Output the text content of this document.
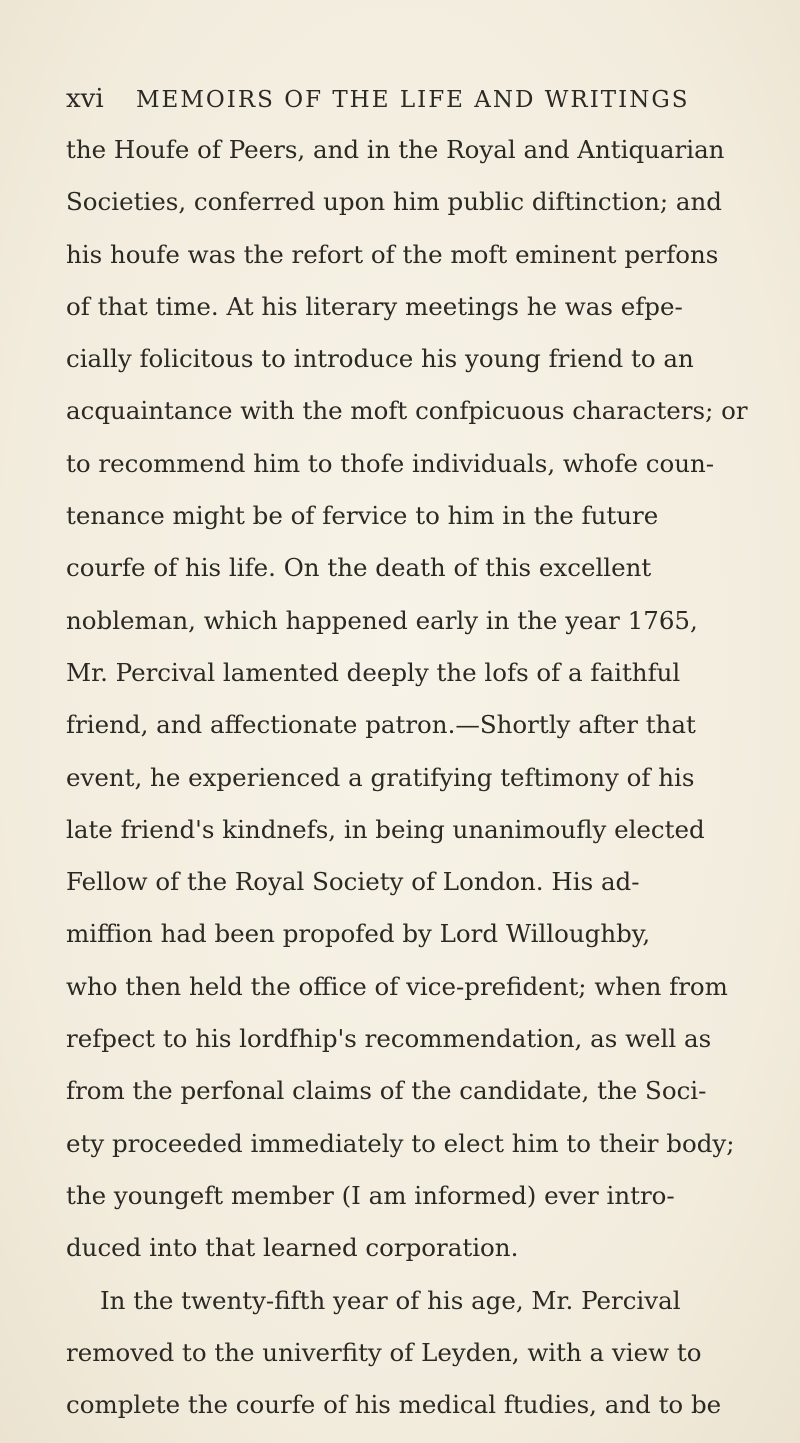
xvi MEMOIRS OF THE LIFE AND WRITINGS
the Houfe of Peers, and in the Royal and Antiquarian
Societies, conferred upon him public diftinction; and
his houfe was the refort of the moft eminent perfons
of that time. At his literary meetings he was efpe-
cially folicitous to introduce his young friend to an
acquaintance with the moft confpicuous characters; or
to recommend him to thofe individuals, whofe coun-
tenance might be of fervice to him in the future
courfe of his life. On the death of this excellent
nobleman, which happened early in the year 1765,
Mr. Percival lamented deeply the lofs of a faithful
friend, and affectionate patron.—Shortly after that
event, he experienced a gratifying teftimony of his
late friend's kindnefs, in being unanimoufly elected
Fellow of the Royal Society of London. His ad-
miffion had been propofed by Lord Willoughby,
who then held the office of vice-prefident; when from
refpect to his lordfhip's recommendation, as well as
from the perfonal claims of the candidate, the Soci-
ety proceeded immediately to elect him to their body;
the youngeft member (I am informed) ever intro-
duced into that learned corporation.
In the twenty-fifth year of his age, Mr. Percival
removed to the univerfity of Leyden, with a view to
complete the courfe of his medical ftudies, and to be
